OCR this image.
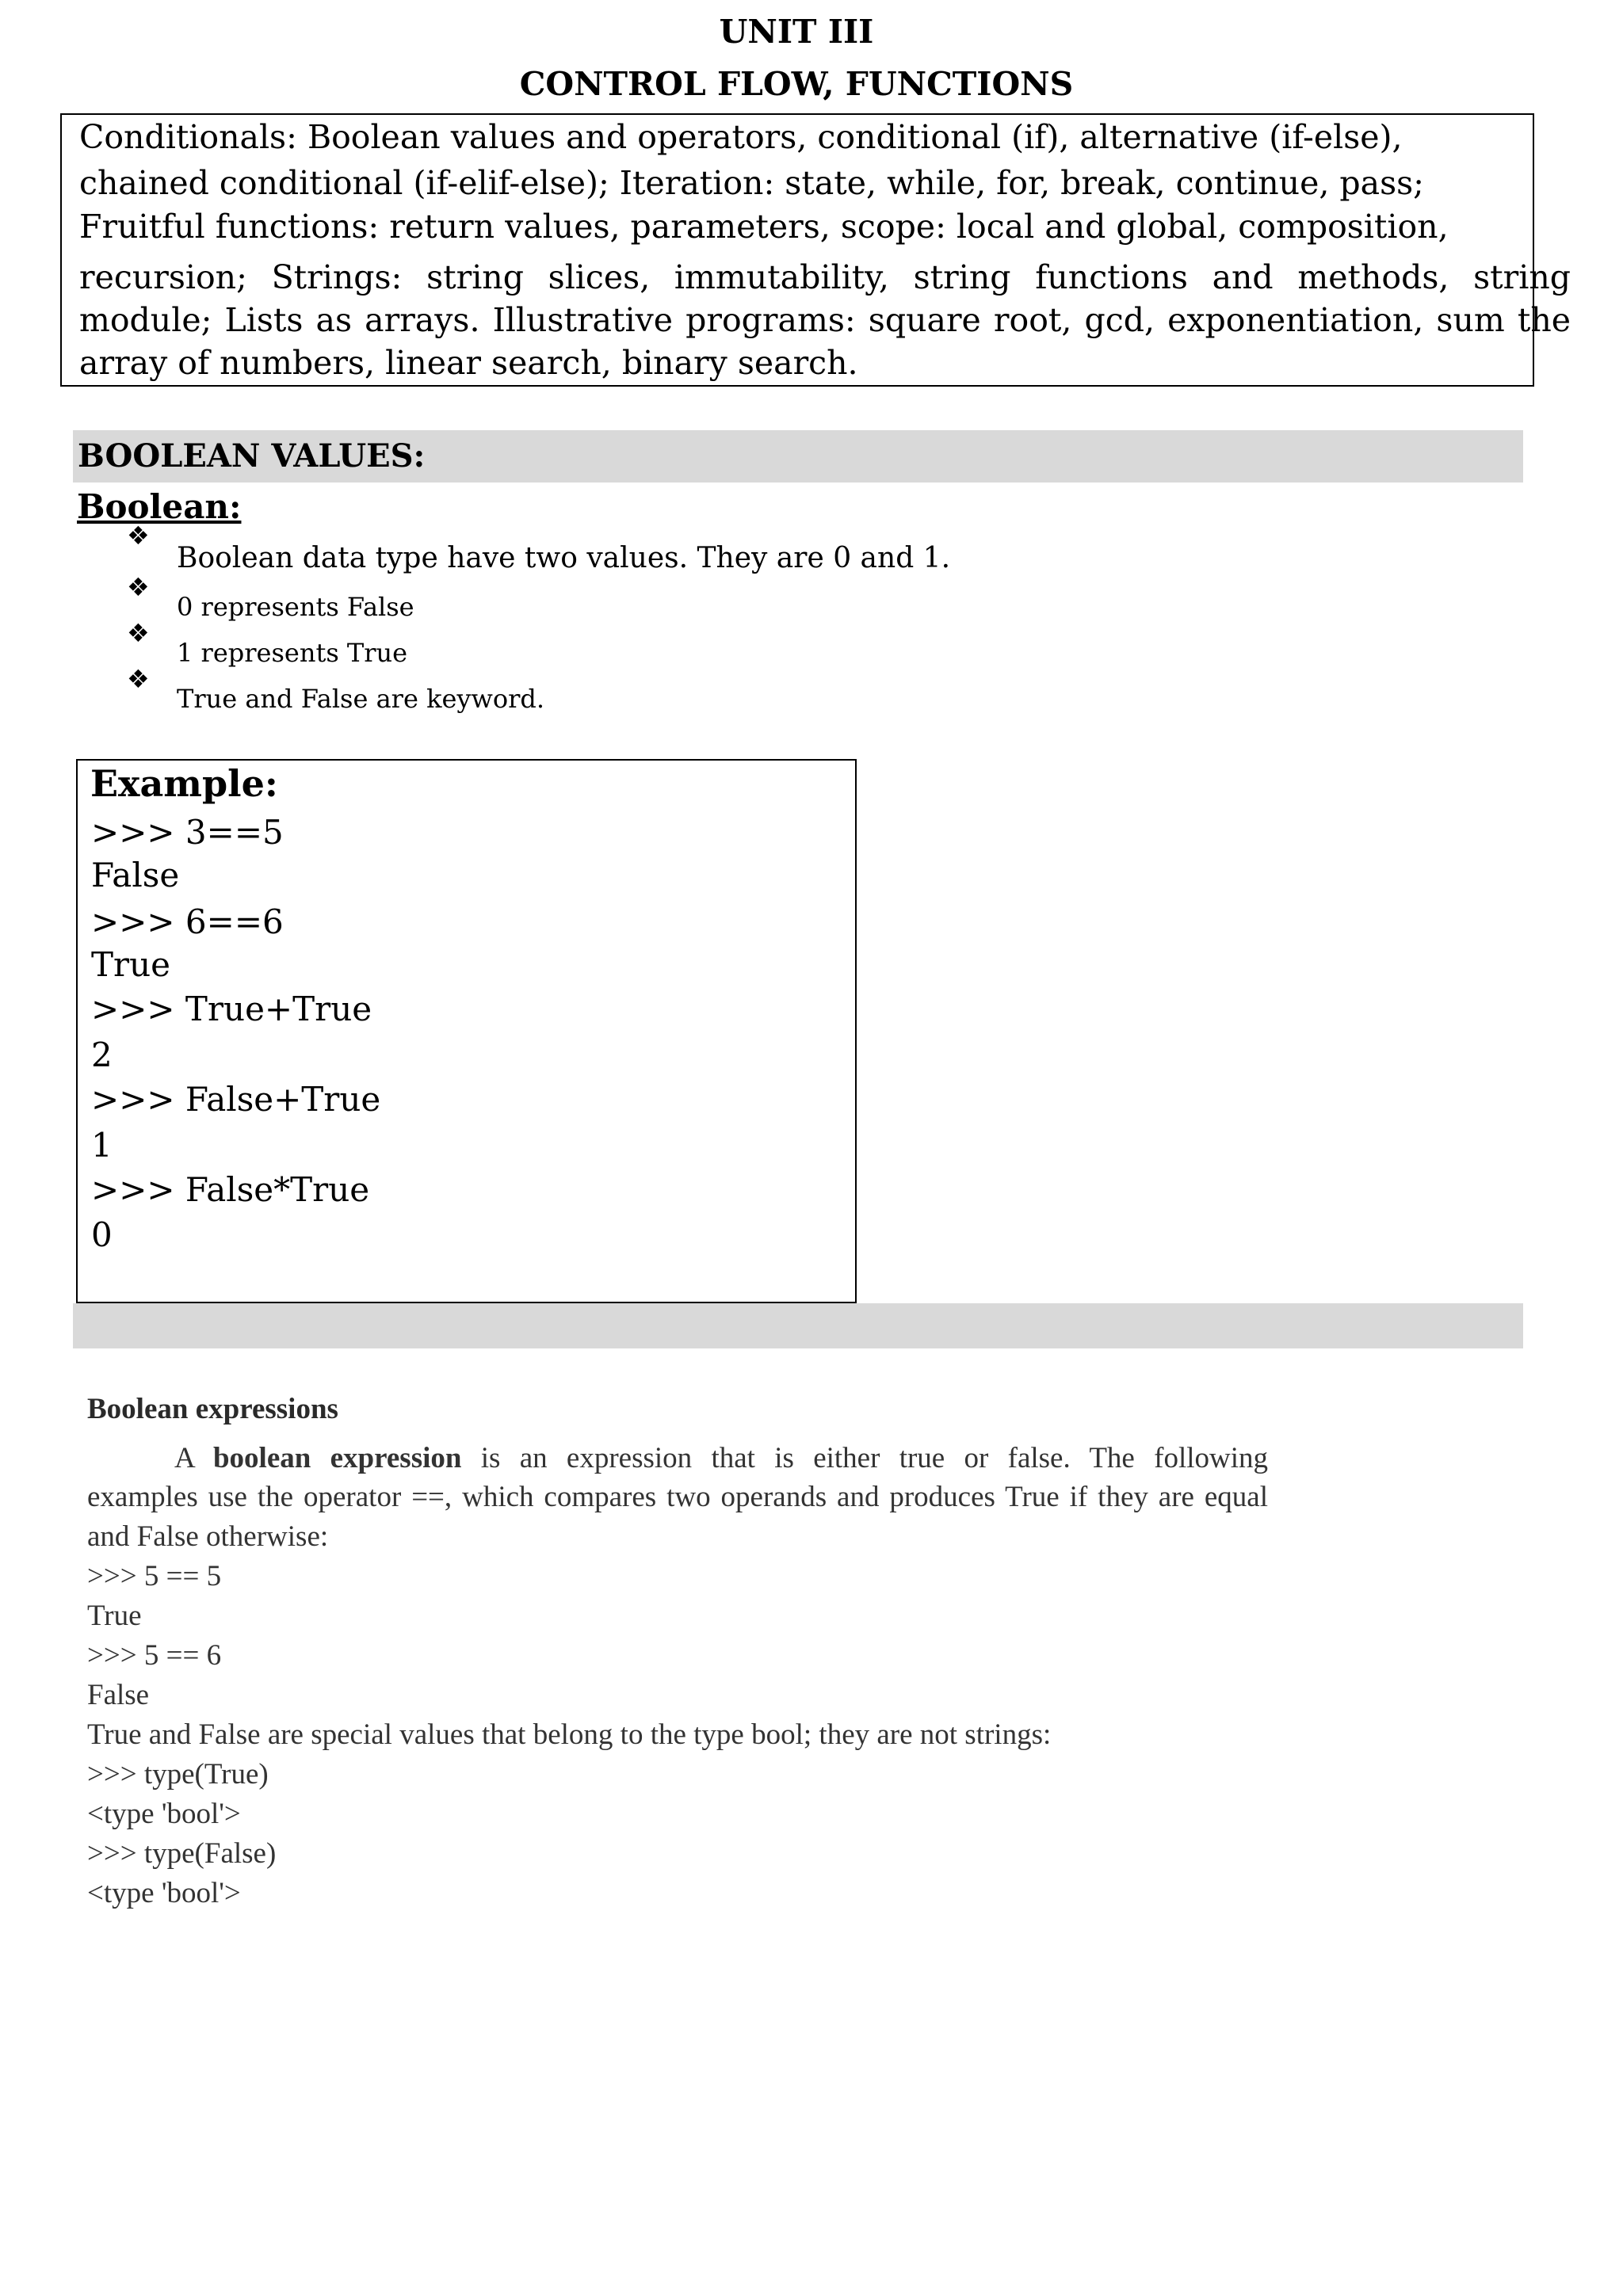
UNIT III
CONTROL FLOW, FUNCTIONS
Conditionals: Boolean values and operators, conditional (if), alternative (if-else),
chained conditional (if-elif-else); Iteration: state, while, for, break, continue, pass;
Fruitful functions: return values, parameters, scope: local and global, composition,
recursion; Strings: string slices, immutability, string functions and methods, string
module; Lists as arrays. Illustrative programs: square root, gcd, exponentiation, sum the
array of numbers, linear search, binary search.
BOOLEAN VALUES:
Boolean:
❖
Boolean data type have two values. They are 0 and 1.
❖
0 represents False
❖
1 represents True
❖
True and False are keyword.
Example:
>>> 3==5
False
>>> 6==6
True
>>> True+True
2
>>> False+True
1
>>> False*True
0
Boolean expressions
A boolean expression is an expression that is either true or false. The following
examples use the operator ==, which compares two operands and produces True if they are equal
and False otherwise:
>>> 5 == 5
True
>>> 5 == 6
False
True and False are special values that belong to the type bool; they are not strings:
>>> type(True)
<type 'bool'>
>>> type(False)
<type 'bool'>
